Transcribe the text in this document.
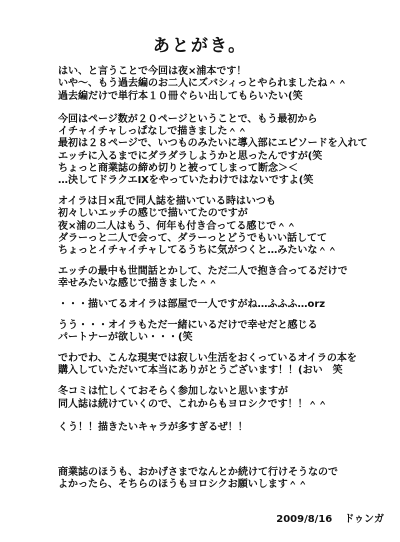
あとがき。
はい、と言うことで今回は夜×浦本です！
いや～、もう過去編のお二人にズバシィっとやられましたね＾＾
過去編だけで単行本１０冊ぐらい出してもらいたい(笑
今回はページ数が２０ページということで、もう最初から
イチャイチャしっぱなしで描きました＾＾
最初は２８ページで、いつものみたいに導入部にエピソードを入れて
エッチに入るまでにダラダラしようかと思ったんですが(笑
ちょっと商業誌の締め切りと被ってしまって断念＞＜
…決してドラクエⅨをやっていたわけではないですよ(笑
オイラは日×乱で同人誌を描いている時はいつも
初々しいエッチの感じで描いてたのですが
夜×浦の二人はもう、何年も付き合ってる感じで＾＾
ダラーっと二人で会って、ダラーっとどうでもいい話してて
ちょっとイチャイチャしてるうちに気がつくと…みたいな＾＾
エッチの最中も世間話とかして、ただ二人で抱き合ってるだけで
幸せみたいな感じで描きました＾＾
・・・描いてるオイラは部屋で一人ですがね…ふふふ…orz
うう・・・オイラもただ一緒にいるだけで幸せだと感じる
パートナーが欲しい・・・(笑
でわでわ、こんな現実では寂しい生活をおくっているオイラの本を
購入していただいて本当にありがとうございます！！(おい　笑
冬コミは忙しくておそらく参加しないと思いますが
同人誌は続けていくので、これからもヨロシクです！！＾＾
くう！！描きたいキャラが多すぎるぜ！！
商業誌のほうも、おかげさまでなんとか続けて行けそうなので
よかったら、そちらのほうもヨロシクお願いします＾＾
2009/8/16 ドゥンガ
